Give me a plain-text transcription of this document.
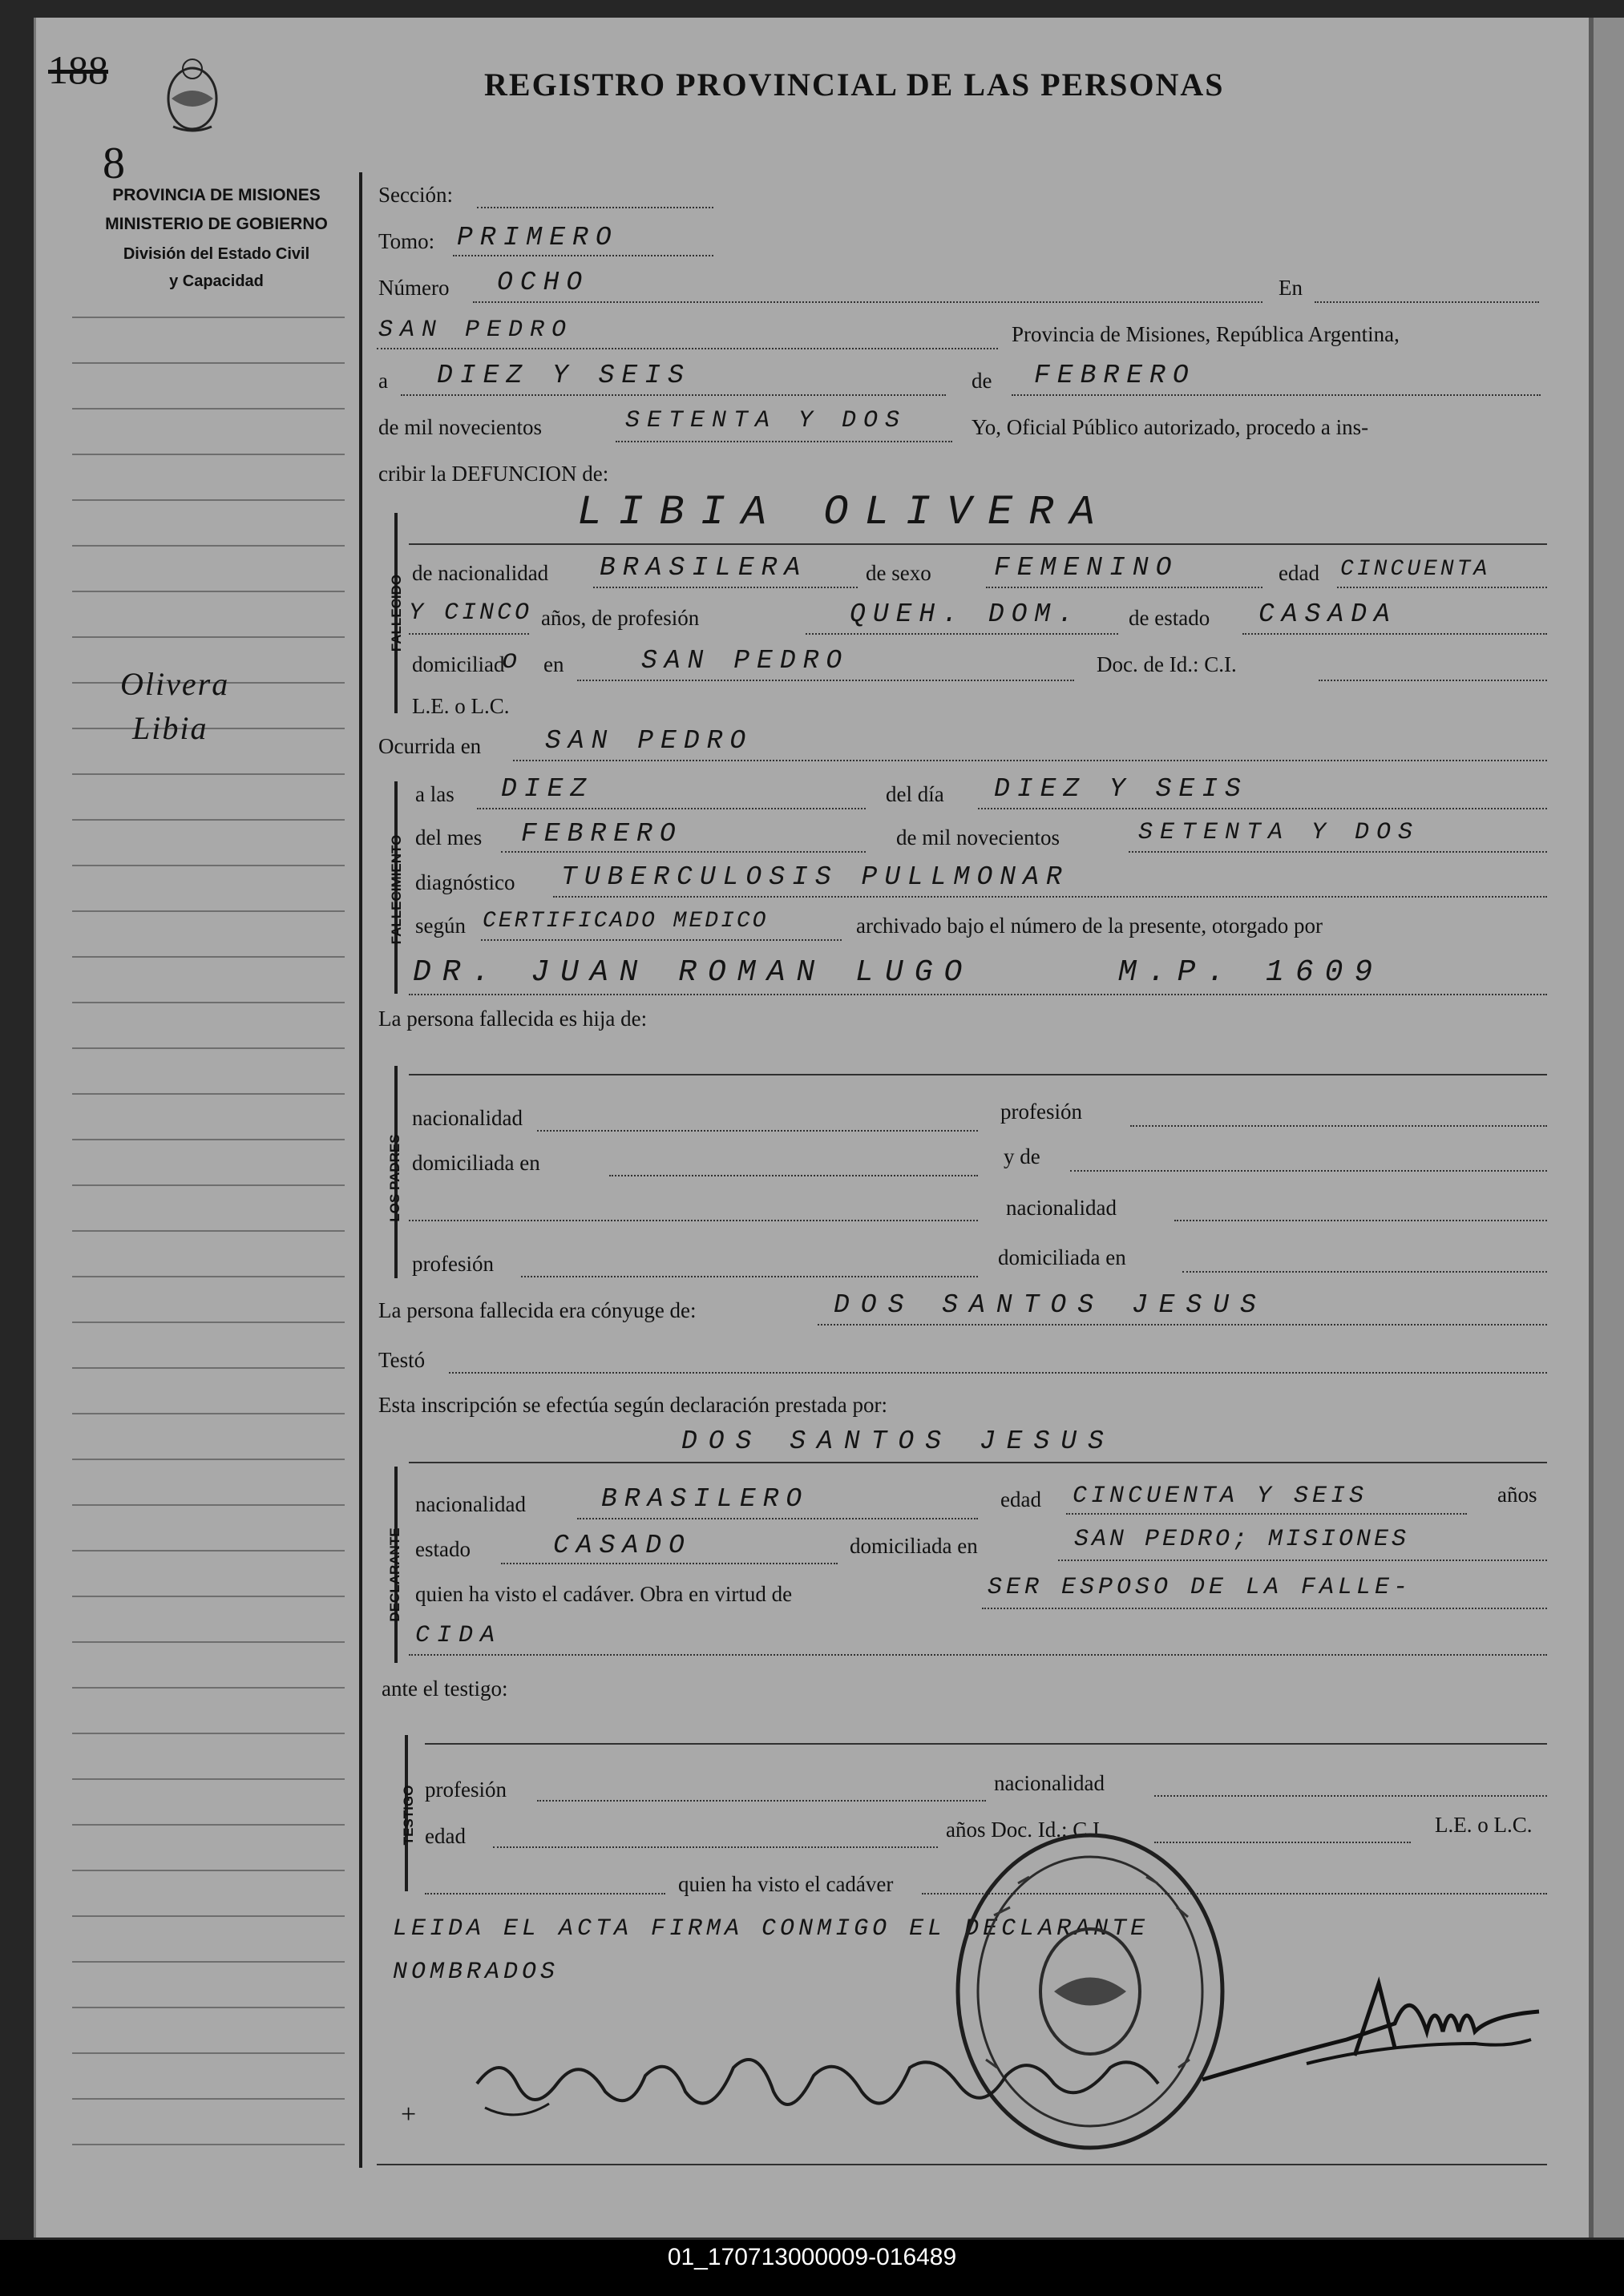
188
8
PROVINCIA DE MISIONES
MINISTERIO DE GOBIERNO
División del Estado Civil
y Capacidad
REGISTRO PROVINCIAL DE LAS PERSONAS
Olivera
Libia
Sección:
Tomo: PRIMERO
Número OCHO	En
SAN PEDRO	Provincia de Misiones, República Argentina,
a DIEZ Y SEIS	de FEBRERO
de mil novecientos	SETENTA Y DOS	Yo, Oficial Público autorizado, procedo a ins-
cribir la DEFUNCION de:
FALLECIDO
LIBIA OLIVERA
de nacionalidad BRASILERA	de sexo FEMENINO	edad CINCUENTA
Y CINCO años, de profesión	QUEH. DOM. de estado CASADA
domiciliad
o en	SAN PEDRO	Doc. de Id.: C.I.
L.E. o L.C.
Ocurrida en SAN PEDRO
FALLECIMIENTO
a las DIEZ	del día DIEZ Y SEIS
del mes FEBRERO	de mil novecientos	SETENTA Y DOS
diagnóstico TUBERCULOSIS PULLMONAR
según CERTIFICADO MEDICO	archivado bajo el número de la presente, otorgado por
DR. JUAN ROMAN LUGO	M.P. 1609
La persona fallecida es hija de:
LOS PADRES
nacionalidad	profesión
domiciliada en	y de
nacionalidad
profesión	domiciliada en
La persona fallecida era cónyuge de:	DOS SANTOS JESUS
Testó
Esta inscripción se efectúa según declaración prestada por:
DOS SANTOS JESUS
DECLARANTE
nacionalidad	BRASILERO	edad CINCUENTA Y SEIS	años
estado	CASADO	domiciliada en	SAN PEDRO; MISIONES
quien ha visto el cadáver. Obra en virtud de	SER ESPOSO DE LA FALLE-
CIDA
ante el testigo:
TESTIGO profesión	nacionalidad
edad	años Doc. Id.: C.I.	L.E. o L.C.
quien ha visto el cadáver
LEIDA EL ACTA FIRMA CONMIGO EL DECLARANTE
NOMBRADOS
+
01_170713000009-016489
